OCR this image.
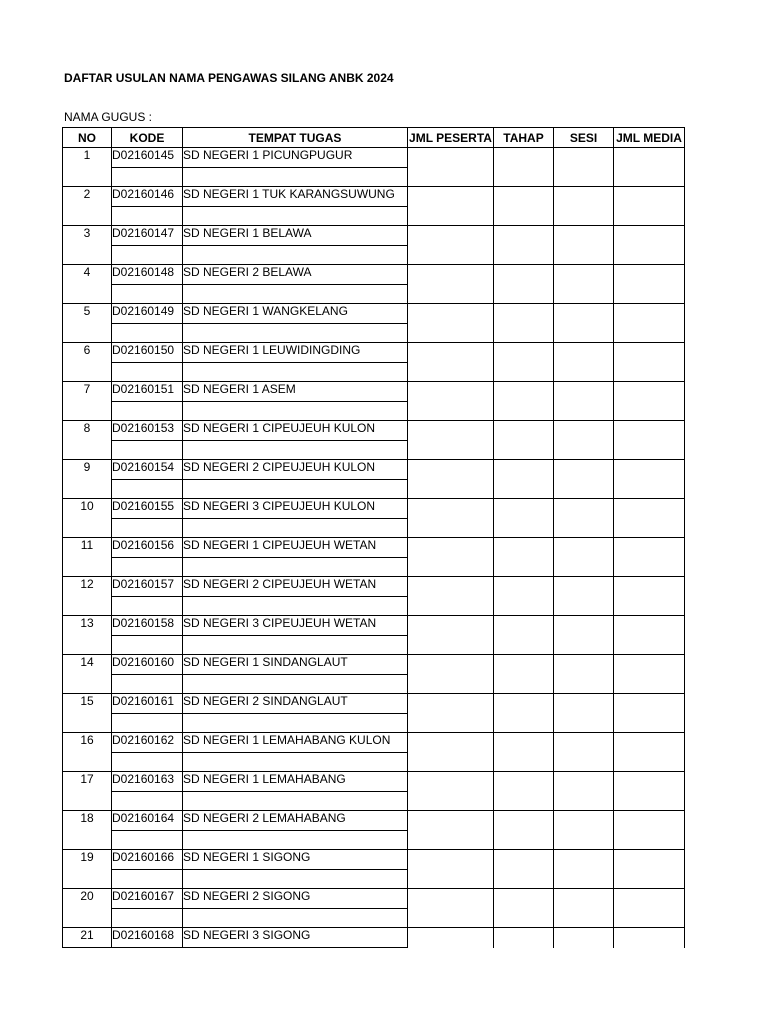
DAFTAR USULAN NAMA PENGAWAS SILANG ANBK 2024
NAMA GUGUS :
NO	KODE	TEMPAT TUGAS	JML PESERTA	TAHAP	SESI	JML MEDIA
1	D02160145	SD NEGERI 1 PICUNGPUGUR				

2	D02160146	SD NEGERI 1 TUK KARANGSUWUNG				

3	D02160147	SD NEGERI 1 BELAWA				

4	D02160148	SD NEGERI 2 BELAWA				

5	D02160149	SD NEGERI 1 WANGKELANG				

6	D02160150	SD NEGERI 1 LEUWIDINGDING				

7	D02160151	SD NEGERI 1 ASEM				

8	D02160153	SD NEGERI 1 CIPEUJEUH KULON				

9	D02160154	SD NEGERI 2 CIPEUJEUH KULON				

10	D02160155	SD NEGERI 3 CIPEUJEUH KULON				

11	D02160156	SD NEGERI 1 CIPEUJEUH WETAN				

12	D02160157	SD NEGERI 2 CIPEUJEUH WETAN				

13	D02160158	SD NEGERI 3 CIPEUJEUH WETAN				

14	D02160160	SD NEGERI 1 SINDANGLAUT				

15	D02160161	SD NEGERI 2 SINDANGLAUT				

16	D02160162	SD NEGERI 1 LEMAHABANG KULON				

17	D02160163	SD NEGERI 1 LEMAHABANG				

18	D02160164	SD NEGERI 2 LEMAHABANG				

19	D02160166	SD NEGERI 1 SIGONG				

20	D02160167	SD NEGERI 2 SIGONG				

21	D02160168	SD NEGERI 3 SIGONG				
